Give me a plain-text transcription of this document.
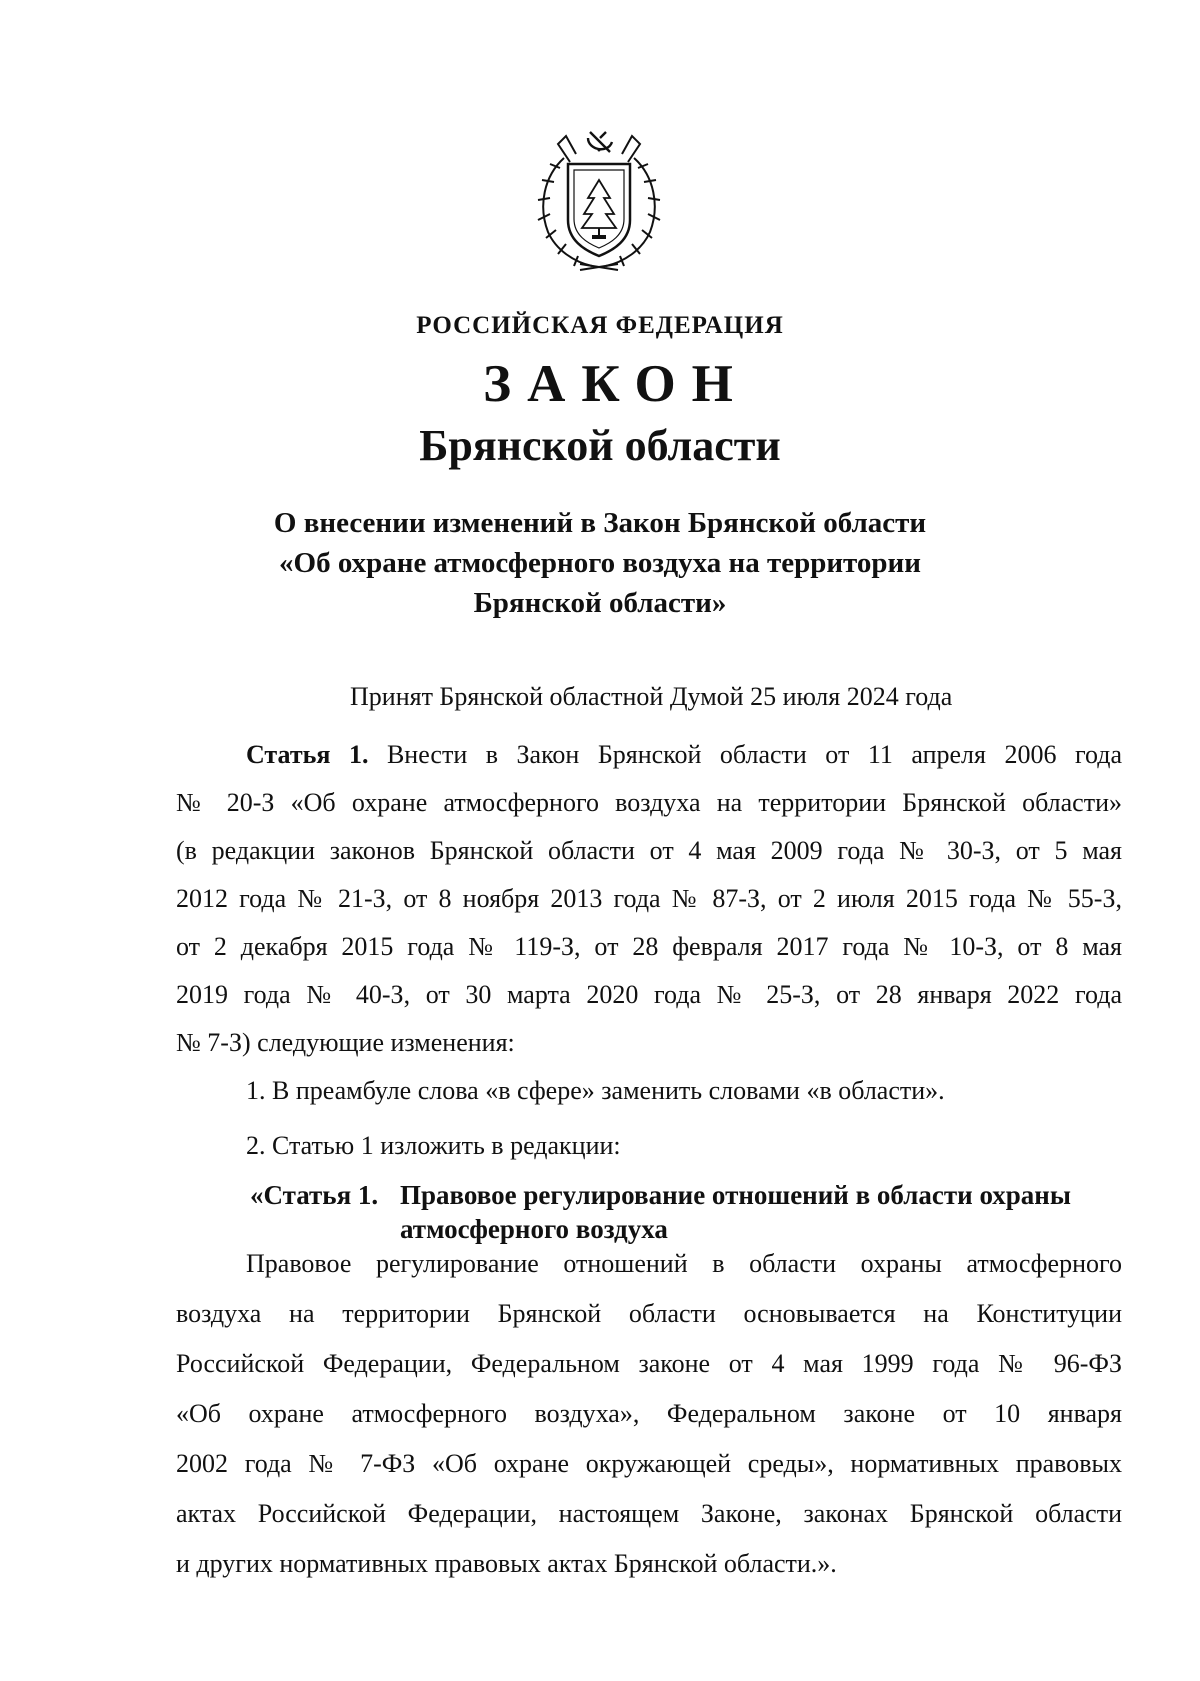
РОССИЙСКАЯ ФЕДЕРАЦИЯ
ЗАКОН
Брянской области
О внесении изменений в Закон Брянской области
«Об охране атмосферного воздуха на территории
Брянской области»
Принят Брянской областной Думой 25 июля 2024 года
Статья 1. Внести в Закон Брянской области от 11 апреля 2006 года
№ 20-З «Об охране атмосферного воздуха на территории Брянской области»
(в редакции законов Брянской области от 4 мая 2009 года № 30-З, от 5 мая
2012 года № 21-З, от 8 ноября 2013 года № 87-З, от 2 июля 2015 года № 55-З,
от 2 декабря 2015 года № 119-З, от 28 февраля 2017 года № 10-З, от 8 мая
2019 года № 40-З, от 30 марта 2020 года № 25-З, от 28 января 2022 года
№ 7-З) следующие изменения:
1. В преамбуле слова «в сфере» заменить словами «в области».
2. Статью 1 изложить в редакции:
«Статья 1. Правовое регулирование отношений в области охраны
атмосферного воздуха
Правовое регулирование отношений в области охраны атмосферного
воздуха на территории Брянской области основывается на Конституции
Российской Федерации, Федеральном законе от 4 мая 1999 года № 96-ФЗ
«Об охране атмосферного воздуха», Федеральном законе от 10 января
2002 года № 7-ФЗ «Об охране окружающей среды», нормативных правовых
актах Российской Федерации, настоящем Законе, законах Брянской области
и других нормативных правовых актах Брянской области.».
